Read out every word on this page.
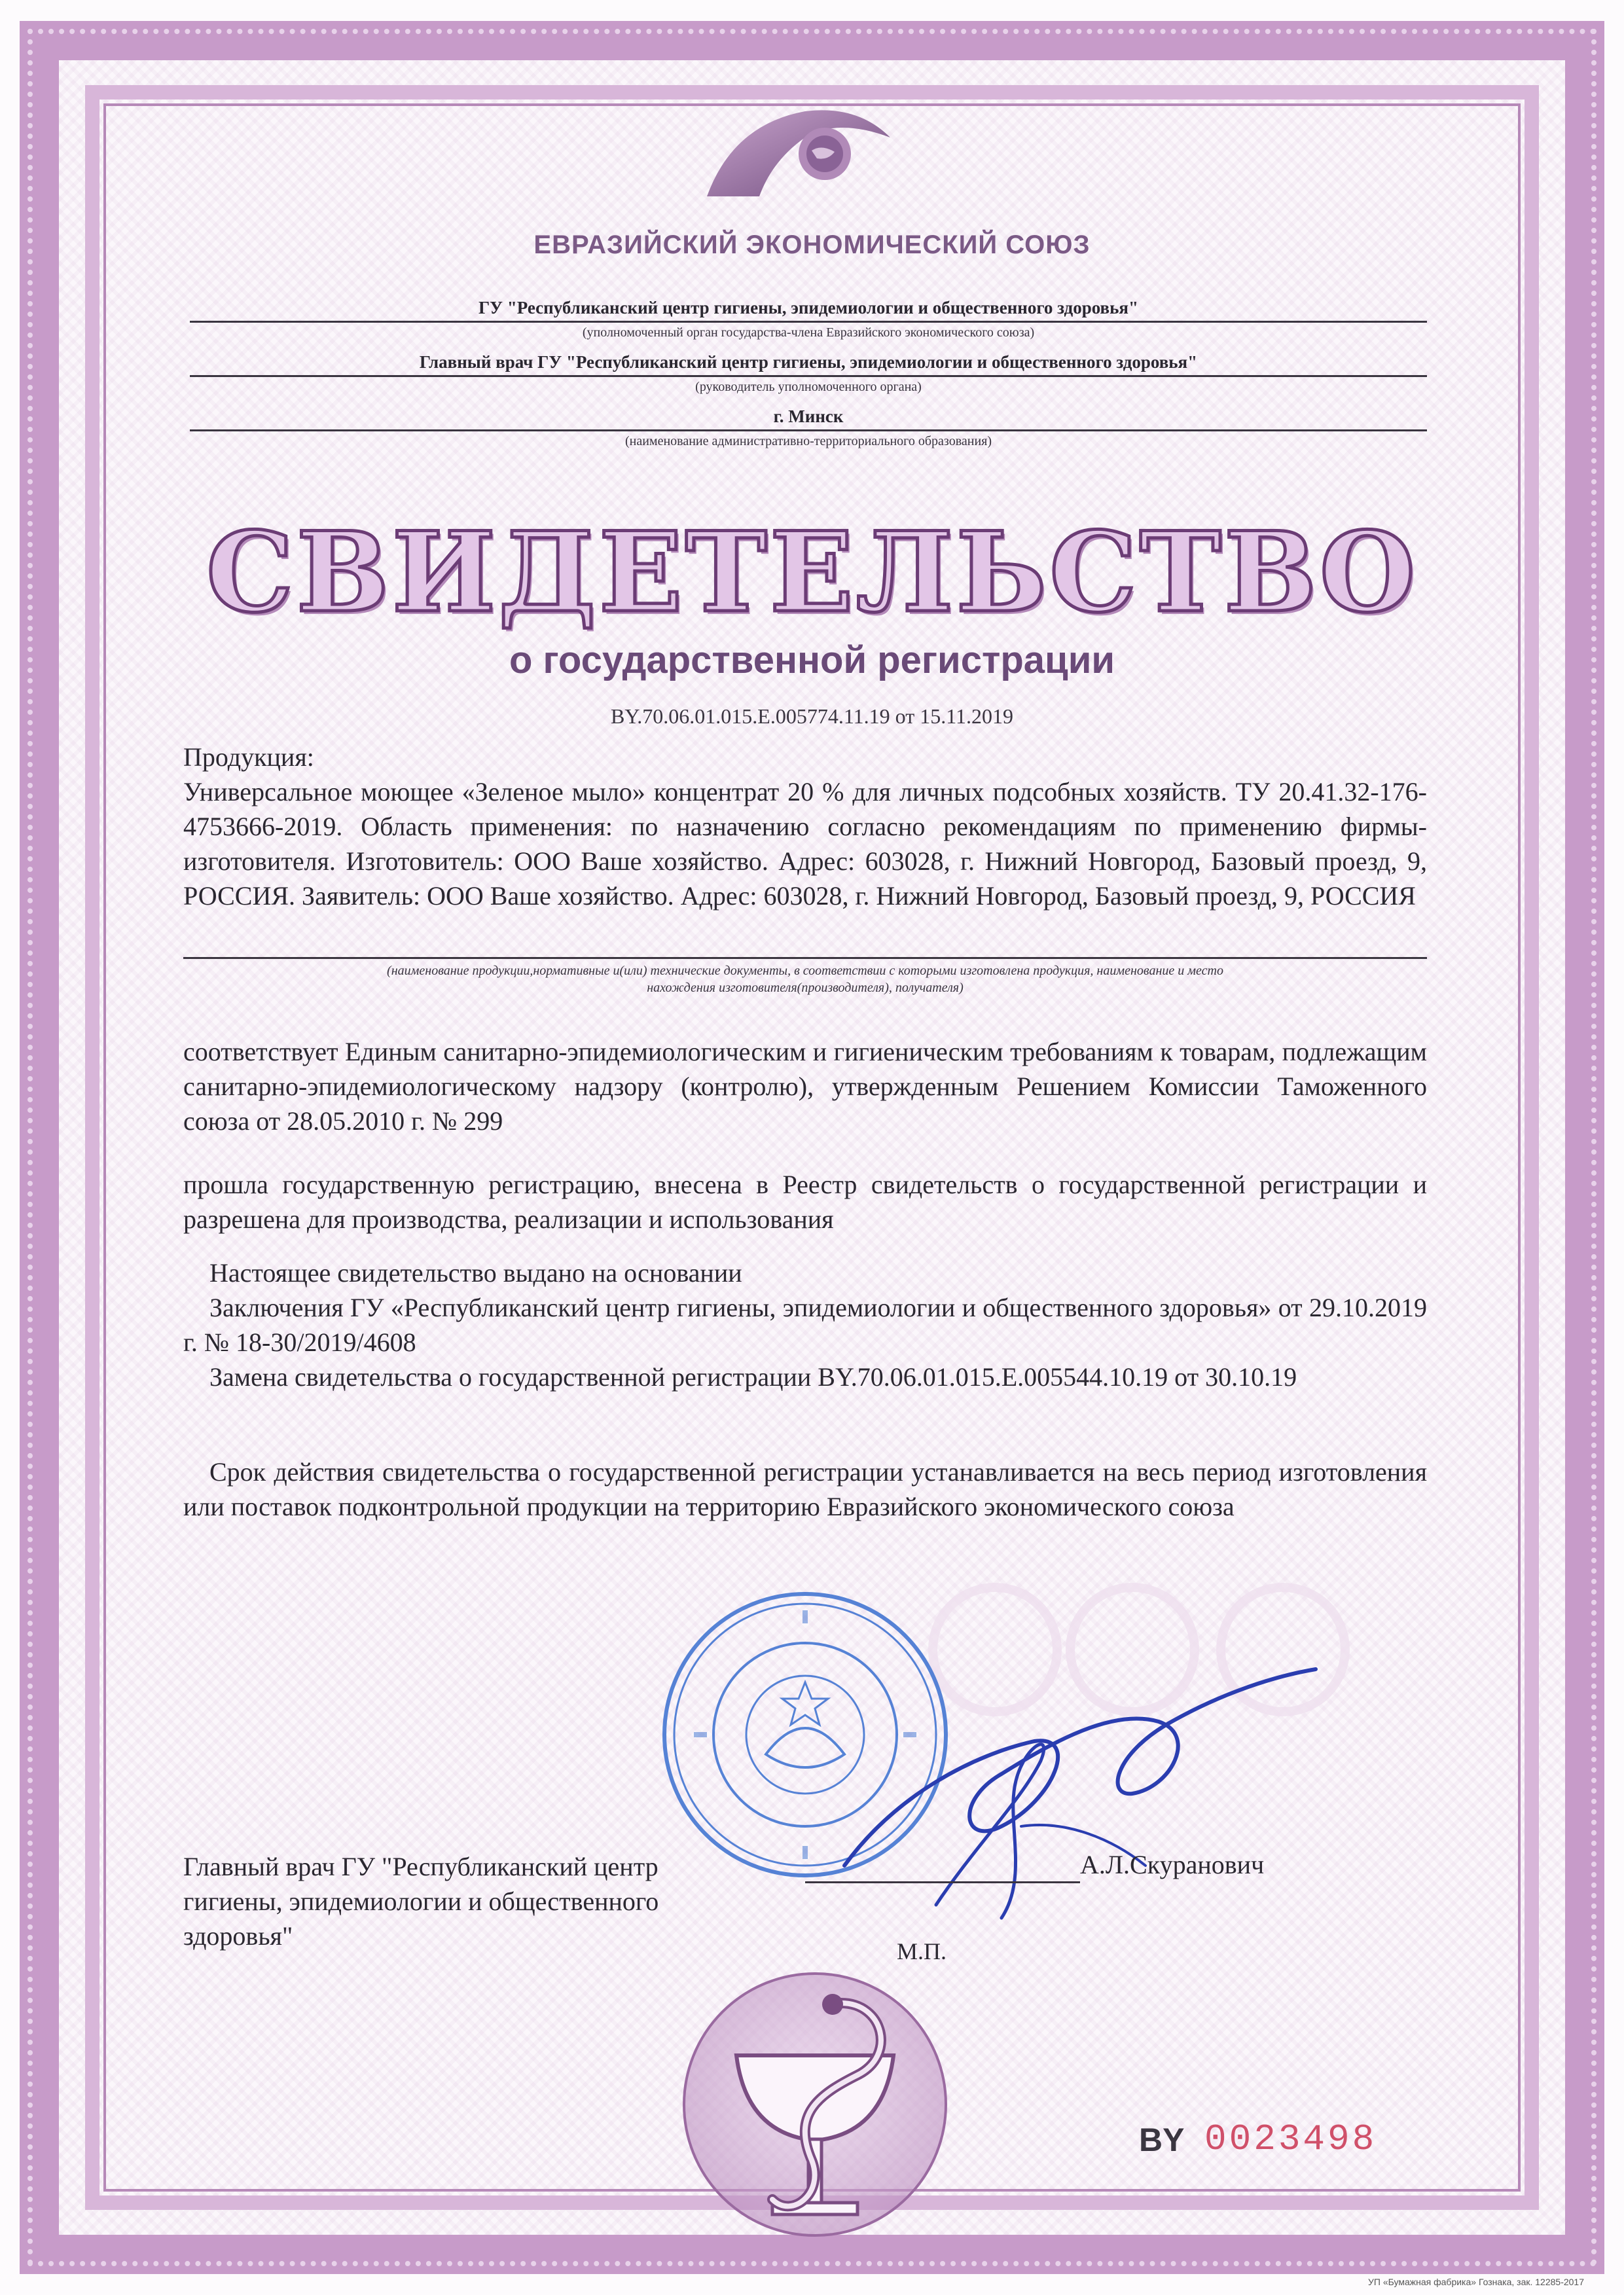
ЕВРАЗИЙСКИЙ ЭКОНОМИЧЕСКИЙ СОЮЗ
ГУ "Республиканский центр гигиены, эпидемиологии и общественного здоровья"
(уполномоченный орган государства-члена Евразийского экономического союза)
Главный врач ГУ "Республиканский центр гигиены, эпидемиологии и общественного здоровья"
(руководитель уполномоченного органа)
г. Минск
(наименование административно-территориального образования)
СВИДЕТЕЛЬСТВО
о государственной регистрации
BY.70.06.01.015.E.005774.11.19 от 15.11.2019
Продукция:
Универсальное моющее «Зеленое мыло» концентрат 20 % для личных подсобных хозяйств. ТУ 20.41.32-176-4753666-2019. Область применения: по назначению согласно рекомендациям по применению фирмы-изготовителя. Изготовитель: ООО Ваше хозяйство. Адрес: 603028, г. Нижний Новгород, Базовый проезд, 9, РОССИЯ. Заявитель: ООО Ваше хозяйство. Адрес: 603028, г. Нижний Новгород, Базовый проезд, 9, РОССИЯ
(наименование продукции,нормативные и(или) технические документы, в соответствии с которыми изготовлена продукция, наименование и место
нахождения изготовителя(производителя), получателя)
соответствует Единым санитарно-эпидемиологическим и гигиеническим требованиям к товарам, подлежащим санитарно-эпидемиологическому надзору (контролю), утвержденным Решением Комиссии Таможенного союза от 28.05.2010 г. № 299
прошла государственную регистрацию, внесена в Реестр свидетельств о государственной регистрации и разрешена для производства, реализации и использования
Настоящее свидетельство выдано на основании
Заключения ГУ «Республиканский центр гигиены, эпидемиологии и общественного здоровья» от 29.10.2019 г. № 18-30/2019/4608
Замена свидетельства о государственной регистрации BY.70.06.01.015.E.005544.10.19 от 30.10.19
Срок действия свидетельства о государственной регистрации устанавливается на весь период изготовления или поставок подконтрольной продукции на территорию Евразийского экономического союза
Главный врач ГУ "Республиканский центр
гигиены, эпидемиологии и общественного
здоровья"
А.Л.Скуранович
М.П.
BY 0023498
УП «Бумажная фабрика» Гознака, зак. 12285-2017
